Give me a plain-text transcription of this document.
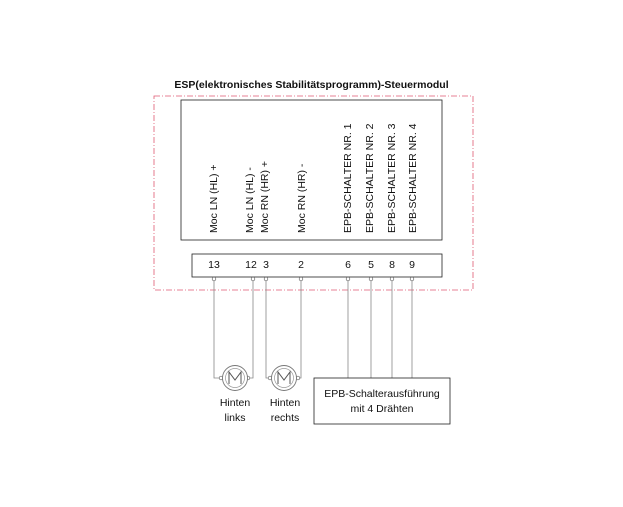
ESP(elektronisches Stabilitätsprogramm)-Steuermodul
Moc LN (HL) + Moc LN (HL) - Moc RN (HR) + Moc RN (HR) -	EPB-SCHALTER NR. 1 EPB-SCHALTER NR. 2 EPB-SCHALTER NR. 3 EPB-SCHALTER NR. 4
13	12 3	2	6	5	8	9
Hinten
links
Hinten
rechts
EPB-Schalterausführung
mit 4 Drähten
